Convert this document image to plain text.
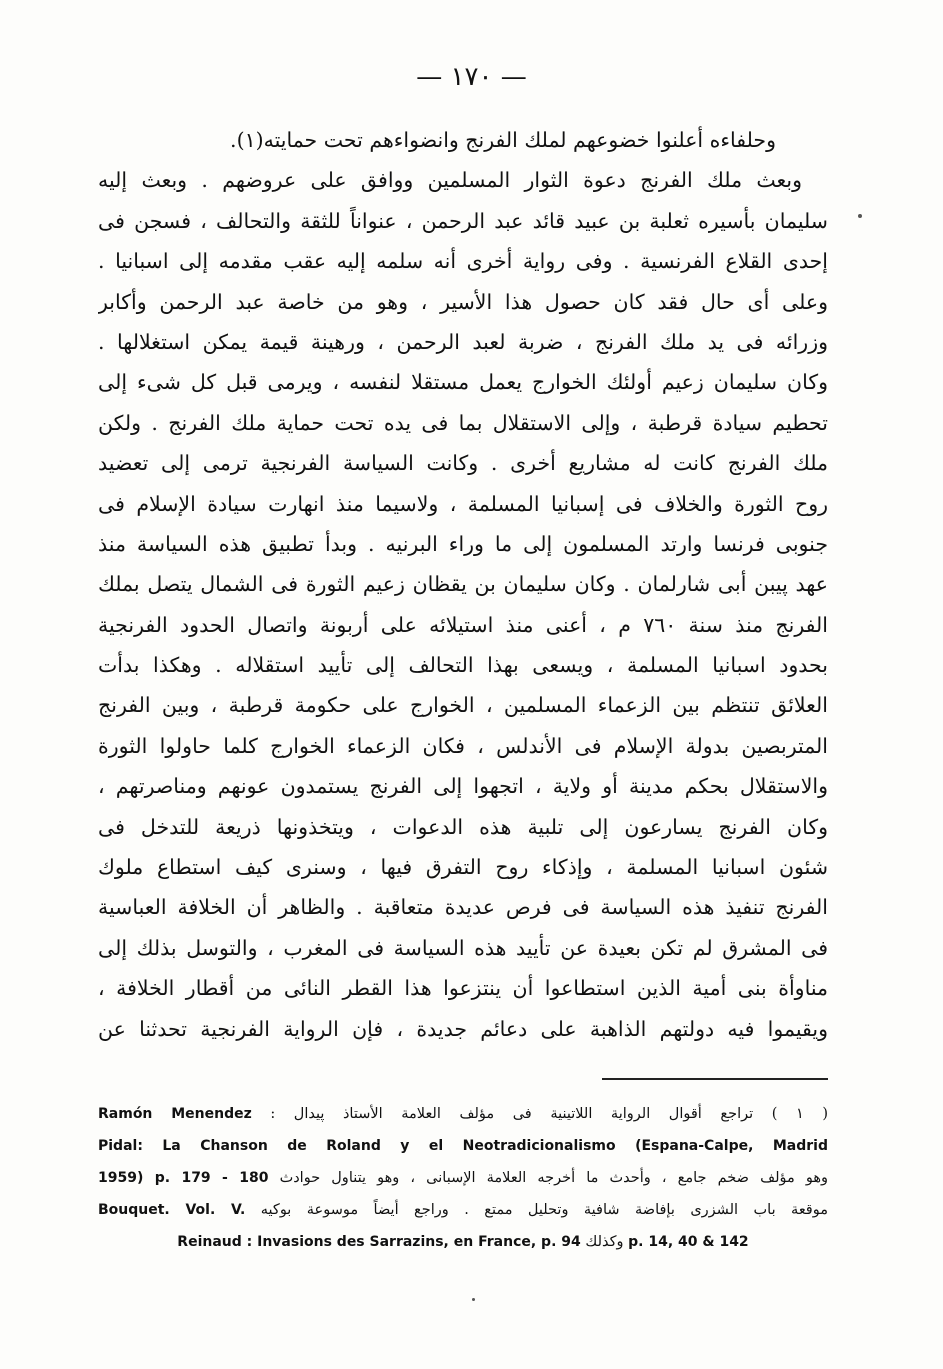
— ١٧٠ —
وحلفاءه أعلنوا خضوعهم لملك الفرنج وانضواءهم تحت حمايته(١).
وبعث ملك الفرنج دعوة الثوار المسلمين ووافق على عروضهم . وبعث إليه
سليمان بأسيره ثعلبة بن عبيد قائد عبد الرحمن ، عنواناً للثقة والتحالف ، فسجن فى
إحدى القلاع الفرنسية . وفى رواية أخرى أنه سلمه إليه عقب مقدمه إلى اسبانيا .
وعلى أى حال فقد كان حصول هذا الأسير ، وهو من خاصة عبد الرحمن وأكابر
وزرائه فى يد ملك الفرنج ، ضربة لعبد الرحمن ، ورهينة قيمة يمكن استغلالها .
وكان سليمان زعيم أولئك الخوارج يعمل مستقلا لنفسه ، ويرمى قبل كل شىء إلى
تحطيم سيادة قرطبة ، وإلى الاستقلال بما فى يده تحت حماية ملك الفرنج . ولكن
ملك الفرنج كانت له مشاريع أخرى . وكانت السياسة الفرنجية ترمى إلى تعضيد
روح الثورة والخلاف فى إسبانيا المسلمة ، ولاسيما منذ انهارت سيادة الإسلام فى
جنوبى فرنسا وارتد المسلمون إلى ما وراء البرنيه . وبدأ تطبيق هذه السياسة منذ
عهد پيبن أبى شارلمان . وكان سليمان بن يقظان زعيم الثورة فى الشمال يتصل بملك
الفرنج منذ سنة ٧٦٠ م ، أعنى منذ استيلائه على أربونة واتصال الحدود الفرنجية
بحدود اسبانيا المسلمة ، ويسعى بهذا التحالف إلى تأييد استقلاله . وهكذا بدأت
العلائق تنتظم بين الزعماء المسلمين ، الخوارج على حكومة قرطبة ، وبين الفرنج
المتربصين بدولة الإسلام فى الأندلس ، فكان الزعماء الخوارج كلما حاولوا الثورة
والاستقلال بحكم مدينة أو ولاية ، اتجهوا إلى الفرنج يستمدون عونهم ومناصرتهم ،
وكان الفرنج يسارعون إلى تلبية هذه الدعوات ، ويتخذونها ذريعة للتدخل فى
شئون اسبانيا المسلمة ، وإذكاء روح التفرق فيها ، وسنرى كيف استطاع ملوك
الفرنج تنفيذ هذه السياسة فى فرص عديدة متعاقبة . والظاهر أن الخلافة العباسية
فى المشرق لم تكن بعيدة عن تأييد هذه السياسة فى المغرب ، والتوسل بذلك إلى
مناوأة بنى أمية الذين استطاعوا أن ينتزعوا هذا القطر النائى من أقطار الخلافة ،
ويقيموا فيه دولتهم الذاهبة على دعائم جديدة ، فإن الرواية الفرنجية تحدثنا عن
( ١ ) تراجع أقوال الرواية اللاتينية فى مؤلف العلامة الأستاذ پيدال : Ramón Menendez
Pidal: La Chanson de Roland y el Neotradicionalismo (Espana-Calpe, Madrid
وهو مؤلف ضخم جامع ، وأحدث ما أخرجه العلامة الإسبانى ، وهو يتناول حوادث 1959) p. 179 - 180
موقعة باب الشزرى بإفاضة شافية وتحليل ممتع . وراجع أيضاً موسوعة بوكيه Bouquet. Vol. V.
p. 14, 40 & 142 وكذلك Reinaud : Invasions des Sarrazins, en France, p. 94
